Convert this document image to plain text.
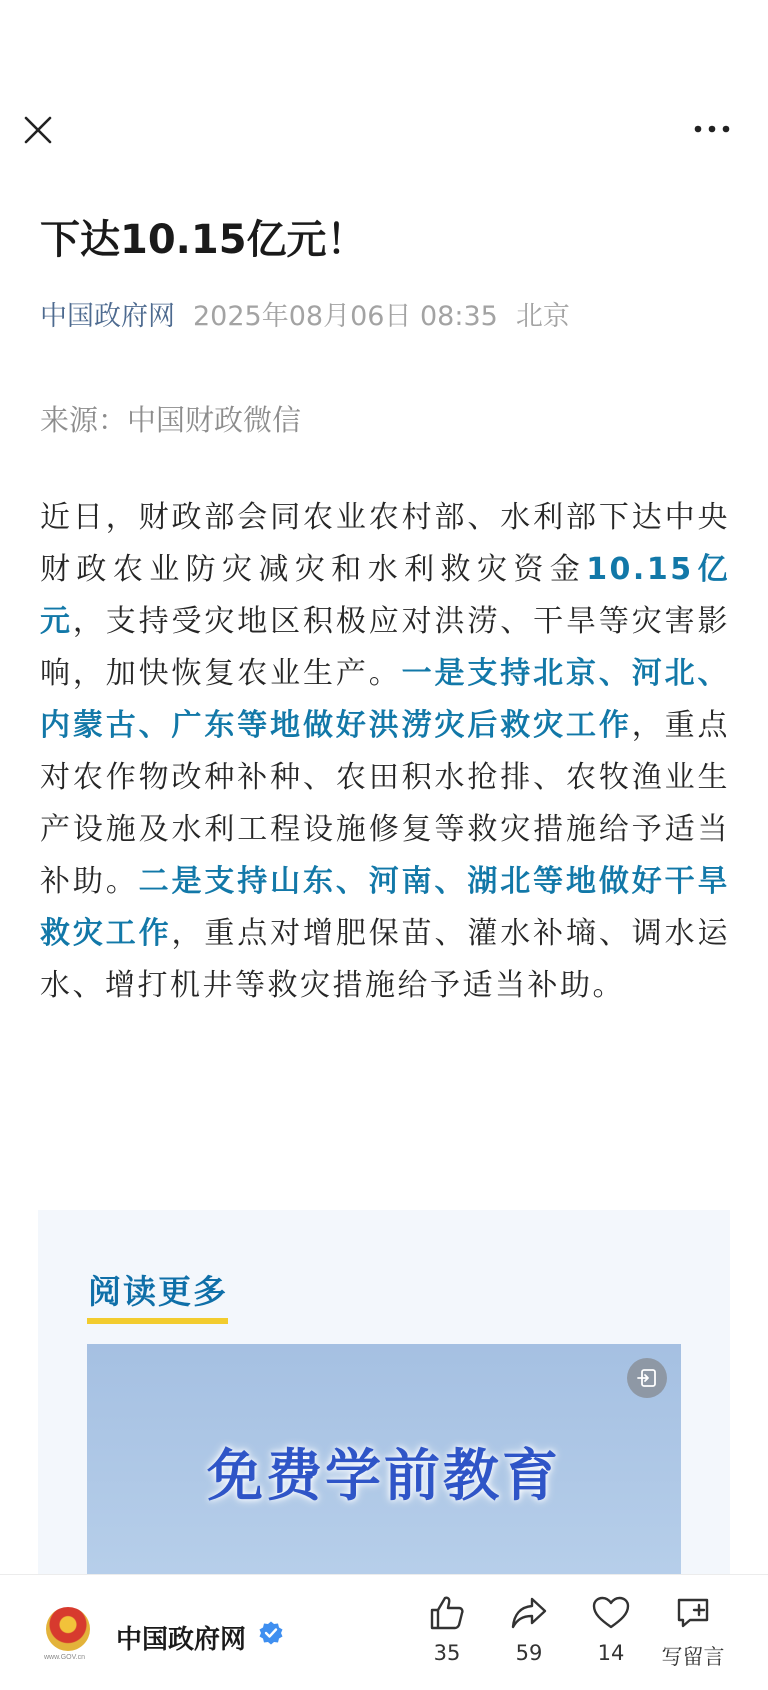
下达10.15亿元！
中国政府网 2025年08月06日 08:35 北京
来源：中国财政微信

近日，财政部会同农业农村部、水利部下达中央财政农业防灾减灾和水利救灾资金10.15亿元，支持受灾地区积极应对洪涝、干旱等灾害影响，加快恢复农业生产。一是支持北京、河北、内蒙古、广东等地做好洪涝灾后救灾工作，重点对农作物改种补种、农田积水抢排、农牧渔业生产设施及水利工程设施修复等救灾措施给予适当补助。二是支持山东、河南、湖北等地做好干旱救灾工作，重点对增肥保苗、灌水补墒、调水运水、增打机井等救灾措施给予适当补助。

阅读更多
免费学前教育
www.GOV.cn
中国政府网	35	59	14	写留言
